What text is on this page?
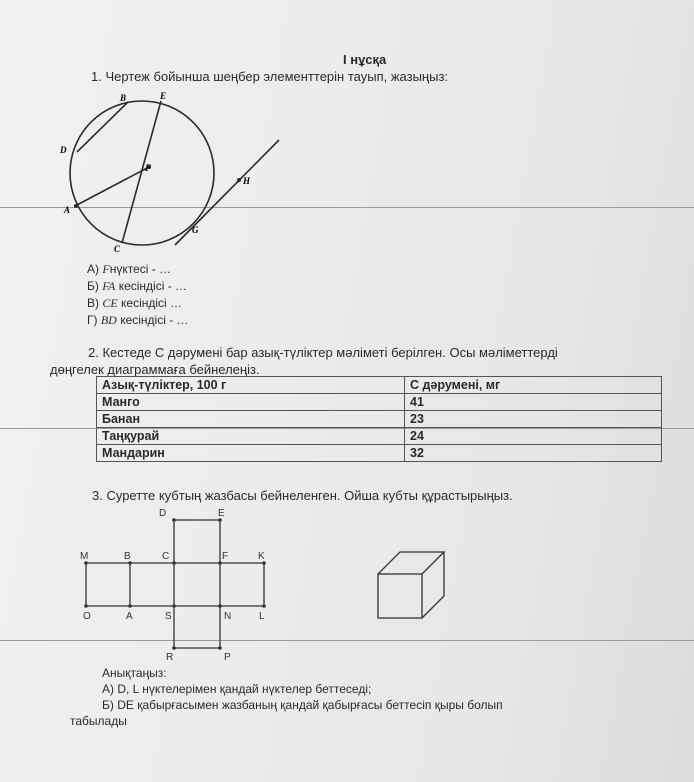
I нұсқа
1. Чертеж бойынша шеңбер элементтерін тауып, жазыңыз:
B	E
D
F
H
A
G
C
А) Fнүктесі - …
Б) FA кесіндісі - …
В) CE кесіндісі …
Г) BD кесіндісі - …
2. Кестеде С дәрумені бар азық-түліктер мәліметі берілген. Осы мәліметтерді
дөңгелек диаграммаға бейнелеңіз.
Азық-түліктер, 100 г	С дәрумені, мг
Манго	41
Банан	23
Таңқурай	24
Мандарин	32
3. Суретте кубтың жазбасы бейнеленген. Ойша кубты құрастырыңыз.
D	E
M	B	C	F	K
O	A	S	N	L
R	P
Анықтаңыз:
А) D, L нүктелерімен қандай нүктелер беттеседі;
Б) DE қабырғасымен жазбаның қандай қабырғасы беттесіп қыры болып
табылады
